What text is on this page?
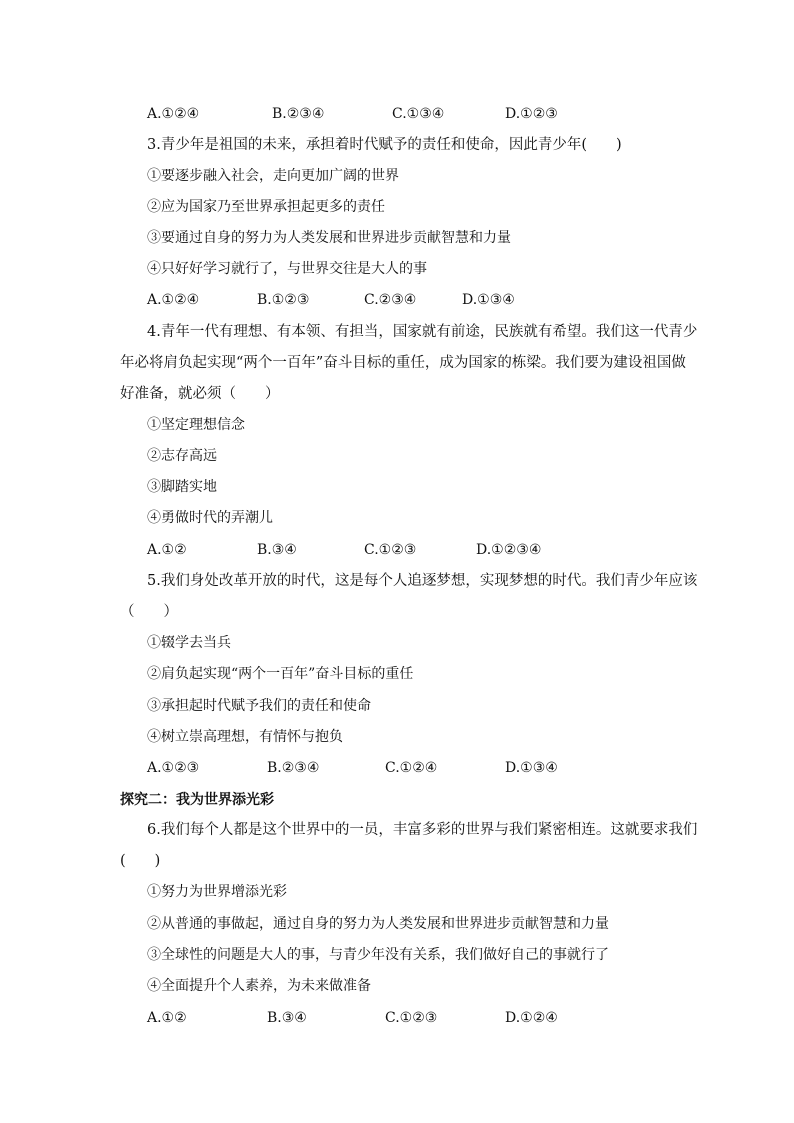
A.①②④	B.②③④	C.①③④	D.①②③
3.青少年是祖国的未来，承担着时代赋予的责任和使命，因此青少年(　　)
①要逐步融入社会，走向更加广阔的世界
②应为国家乃至世界承担起更多的责任
③要通过自身的努力为人类发展和世界进步贡献智慧和力量
④只好好学习就行了，与世界交往是大人的事
A.①②④	B.①②③	C.②③④	D.①③④
4.青年一代有理想、有本领、有担当，国家就有前途，民族就有希望。我们这一代青少
年必将肩负起实现“两个一百年”奋斗目标的重任，成为国家的栋梁。我们要为建设祖国做
好准备，就必须（　　）
①坚定理想信念
②志存高远
③脚踏实地
④勇做时代的弄潮儿
A.①②	B.③④	C.①②③	D.①②③④
5.我们身处改革开放的时代，这是每个人追逐梦想，实现梦想的时代。我们青少年应该
（　　）
①辍学去当兵
②肩负起实现“两个一百年”奋斗目标的重任
③承担起时代赋予我们的责任和使命
④树立崇高理想，有情怀与抱负
A.①②③	B.②③④	C.①②④	D.①③④
探究二：我为世界添光彩
6.我们每个人都是这个世界中的一员，丰富多彩的世界与我们紧密相连。这就要求我们
(　　)
①努力为世界增添光彩
②从普通的事做起，通过自身的努力为人类发展和世界进步贡献智慧和力量
③全球性的问题是大人的事，与青少年没有关系，我们做好自己的事就行了
④全面提升个人素养，为未来做准备
A.①②	B.③④	C.①②③	D.①②④
